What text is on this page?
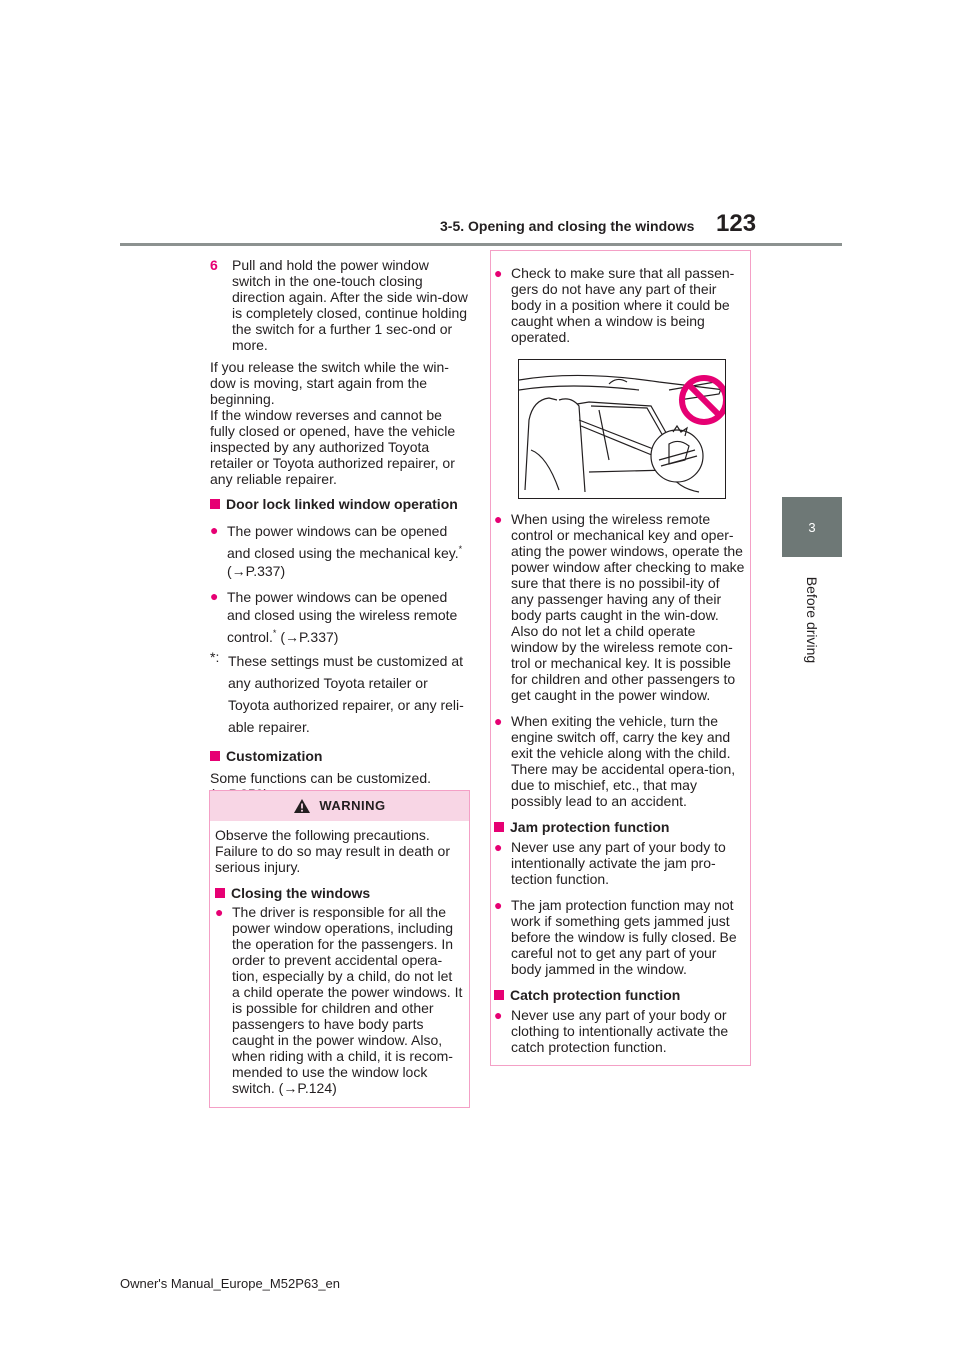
3-5. Opening and closing the windows 123
3
Before driving
6 Pull and hold the power window switch in the one-touch closing direction again. After the side win-dow is completely closed, continue holding the switch for a further 1 sec-ond or more.

If you release the switch while the win-dow is moving, start again from the beginning.

If the window reverses and cannot be fully closed or opened, have the vehicle inspected by any authorized Toyota retailer or Toyota authorized repairer, or any reliable repairer.

Door lock linked window operation

● The power windows can be opened and closed using the mechanical key.*
(→P.337)

● The power windows can be opened and closed using the wireless remote control.* (→P.337)

*: These settings must be customized at any authorized Toyota retailer or Toyota authorized repairer, or any reli-able repairer.

Customization

Some functions can be customized.

WARNING

Observe the following precautions. Failure to do so may result in death or serious injury.

Closing the windows

● The driver is responsible for all the power window operations, including the operation for the passengers. In order to prevent accidental opera-tion, especially by a child, do not let a child operate the power windows. It is possible for children and other passengers to have body parts caught in the power window. Also, when riding with a child, it is recom-mended to use the window lock switch. (→P.124)

● Check to make sure that all passen-gers do not have any part of their body in a position where it could be caught when a window is being operated.

● When using the wireless remote control or mechanical key and oper-ating the power windows, operate the power window after checking to make sure that there is no possibil-ity of any passenger having any of their body parts caught in the win-dow. Also do not let a child operate window by the wireless remote con-trol or mechanical key. It is possible for children and other passengers to get caught in the power window.

● When exiting the vehicle, turn the engine switch off, carry the key and exit the vehicle along with the child. There may be accidental opera-tion, due to mischief, etc., that may possibly lead to an accident.

Jam protection function

● Never use any part of your body to intentionally activate the jam pro-tection function.

● The jam protection function may not work if something gets jammed just before the window is fully closed. Be careful not to get any part of your body jammed in the window.

Catch protection function

● Never use any part of your body or clothing to intentionally activate the catch protection function.

Owner's Manual_Europe_M52P63_en
